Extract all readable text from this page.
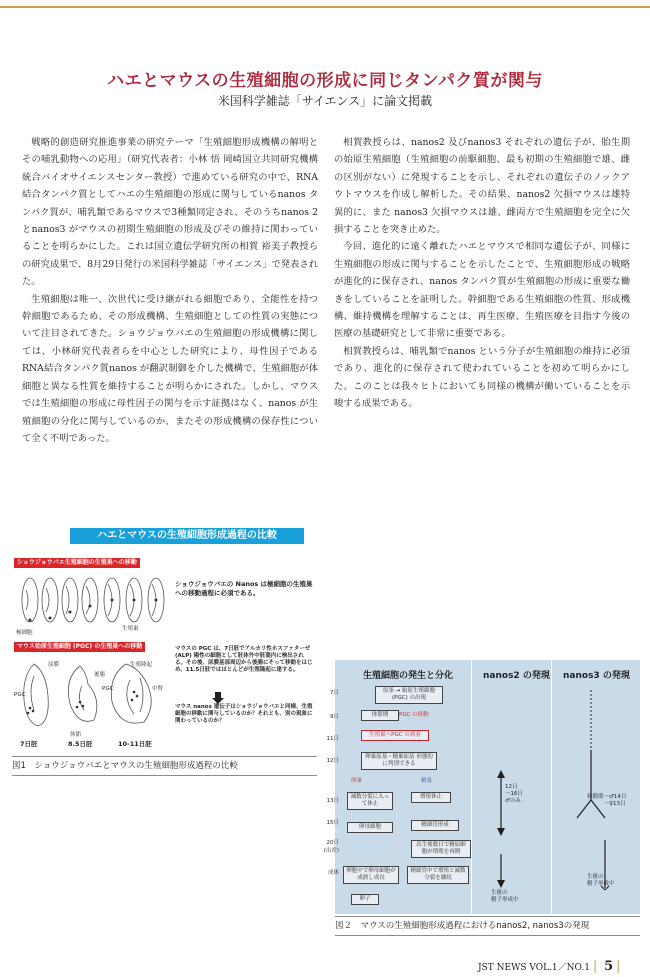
ハエとマウスの生殖細胞の形成に同じタンパク質が関与
米国科学雑誌「サイエンス」に論文掲載

戦略的創造研究推進事業の研究テーマ「生殖細胞形成機構の解明とその哺乳動物への応用」（研究代表者：小林 悟 岡崎国立共同研究機構 統合バイオサイエンスセンター教授）で進めている研究の中で、RNA結合タンパク質としてハエの生殖細胞の形成に関与しているnanos タンパク質が、哺乳類であるマウスで3種類同定され、そのうちnanos 2とnanos3 がマウスの初期生殖細胞の形成及びその維持に関わっていることを明らかにした。これは国立遺伝学研究所の相賀 裕美子教授らの研究成果で、8月29日発行の米国科学雑誌「サイエンス」で発表された。

生殖細胞は唯一、次世代に受け継がれる細胞であり、全能性を持つ幹細胞であるため、その形成機構、生殖細胞としての性質の実態について注目されてきた。ショウジョウバエの生殖細胞の形成機構に関しては、小林研究代表者らを中心とした研究により、母性因子であるRNA結合タンパク質nanos が翻訳制御を介した機構で、生殖細胞が体細胞と異なる性質を維持することが明らかにされた。しかし、マウスでは生殖細胞の形成に母性因子の関与を示す証拠はなく、nanos が生殖細胞の分化に関与しているのか、またその形成機構の保存性について全く不明であった。

相賀教授らは、nanos2 及びnanos3 それぞれの遺伝子が、胎生期の始原生殖細胞（生殖細胞の前駆細胞、最も初期の生殖細胞で雄、雌の区別がない）に発現することを示し、それぞれの遺伝子のノックアウトマウスを作成し解析した。その結果、nanos2 欠損マウスは雄特異的に、また nanos3 欠損マウスは雄、雌両方で生殖細胞を完全に欠損することを突き止めた。

今回、進化的に遠く離れたハエとマウスで相同な遺伝子が、同様に生殖細胞の形成に関与することを示したことで、生殖細胞形成の戦略が進化的に保存され、nanos タンパク質が生殖細胞の形成に重要な働きをしていることを証明した。幹細胞である生殖細胞の性質、形成機構、維持機構を理解することは、再生医療、生殖医療を目指す今後の医療の基礎研究として非常に重要である。

相賀教授らは、哺乳類でnanos という分子が生殖細胞の維持に必須であり、進化的に保存されて使われていることを初めて明らかにした。このことは我々ヒトにおいても同様の機構が働いていることを示唆する成果である。

ハエとマウスの生殖細胞形成過程の比較
ショウジョウバエ生殖細胞の生殖巣への移動
極細胞
生殖巣
ショウジョウバエの Nanos は極細胞の生殖巣への移動過程に必須である。
マウス始原生殖細胞 (PGC) の生殖巣への移動
尿膜
PGC
後腸
PGC
生殖隆起
中腎
体節
7日胚	8.5日胚	10-11日胚
マウスの PGC は、7日胚でアルカリ性ホスファターゼ (ALP) 陽性の細胞として胚体外中胚葉内に検出される。その後、尿膜基部周辺から後腸にそって移動をはじめ、11.5日胚ではほとんどが生殖隆起に達する。
マウス nanos 遺伝子はショウジョウバエと同様、生殖細胞の移動に関与しているのか？それとも、別の現象に関わっているのか？
図1　ショウジョウバエとマウスの生殖細胞形成過程の比較
生殖細胞の発生と分化	nanos2 の発現 nanos3 の発現
7日
9日
11日
12日
13日
15日
20日
(出産)
成体
原条 → 始原生殖細胞 (PGC) の出現
体節期	PGC の移動
生殖巣へPGC の到着
卵巣原基・精巣原基 形態的に判別できる
卵巣	精巣
減数分裂に入って休止
増殖休止
卵母細胞	精細管形成
出生後数日で精原細胞が増殖を再開
卵胞中で卵母細胞が成熟し成長
精細管中で増殖と減数分裂を継続
卵子
12日
〜16日
♂のみ
生後の
精子形成中
移動期～♂14日
　　　～♀13日
生後の
精子形成中
図２　マウスの生殖細胞形成過程におけるnanos2, nanos3の発現
JST NEWS VOL.1／NO.1 | 5 |
